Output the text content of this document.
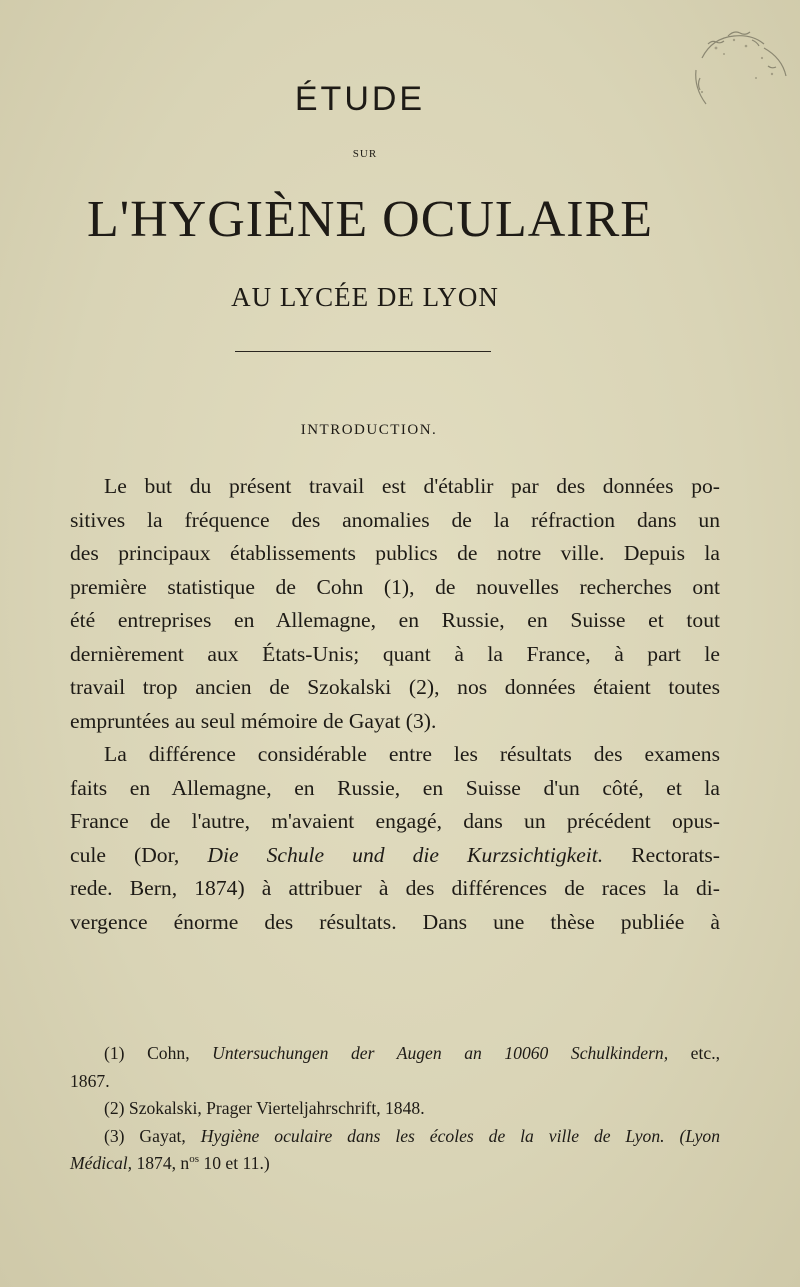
ÉTUDE
SUR
L'HYGIÈNE OCULAIRE
AU LYCÉE DE LYON
INTRODUCTION.
Le but du présent travail est d'établir par des données po-
sitives la fréquence des anomalies de la réfraction dans un
des principaux établissements publics de notre ville. Depuis la
première statistique de Cohn (1), de nouvelles recherches ont
été entreprises en Allemagne, en Russie, en Suisse et tout
dernièrement aux États-Unis; quant à la France, à part le
travail trop ancien de Szokalski (2), nos données étaient toutes
empruntées au seul mémoire de Gayat (3).
La différence considérable entre les résultats des examens
faits en Allemagne, en Russie, en Suisse d'un côté, et la
France de l'autre, m'avaient engagé, dans un précédent opus-
cule (Dor, Die Schule und die Kurzsichtigkeit. Rectorats-
rede. Bern, 1874) à attribuer à des différences de races la di-
vergence énorme des résultats. Dans une thèse publiée à
(1) Cohn, Untersuchungen der Augen an 10060 Schulkindern, etc.,
1867.
(2) Szokalski, Prager Vierteljahrschrift, 1848.
(3) Gayat, Hygiène oculaire dans les écoles de la ville de Lyon. (Lyon
Médical, 1874, $n^{os}$ 10 et 11.)
